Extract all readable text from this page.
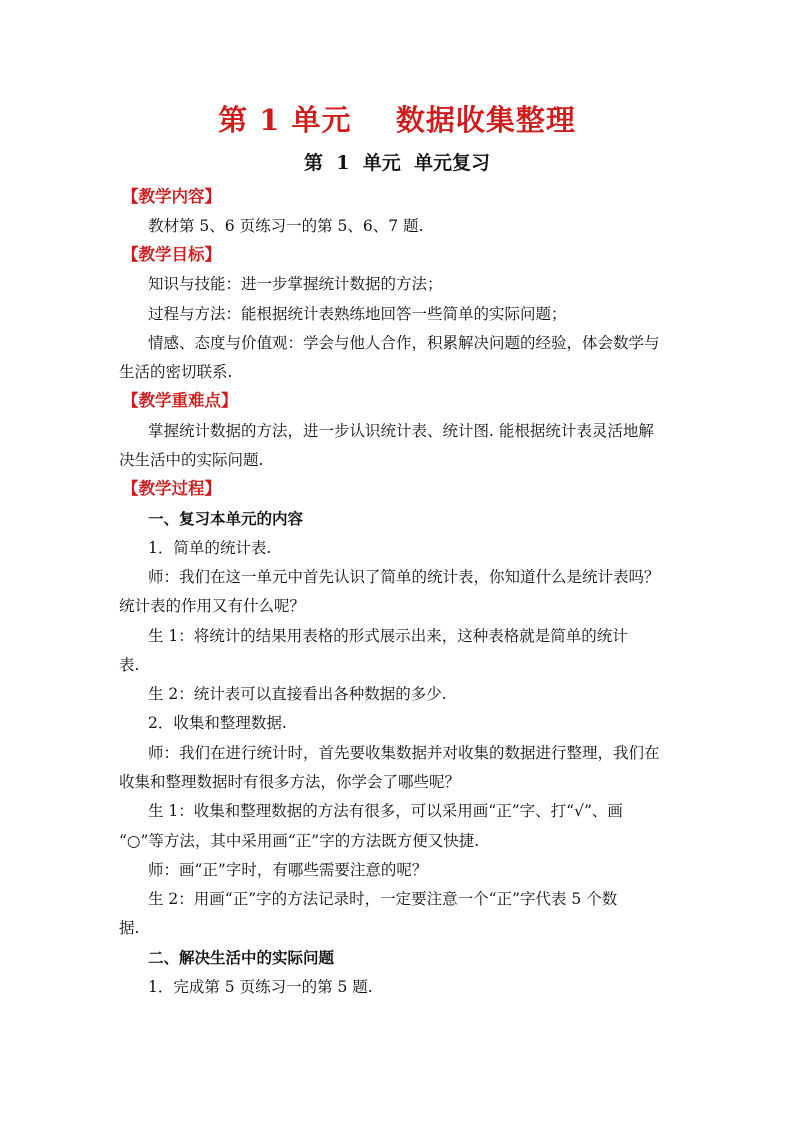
第 1 单元    数据收集整理
第  1  单元  单元复习
【教学内容】
教材第 5、6 页练习一的第 5、6、7 题.
【教学目标】
知识与技能：进一步掌握统计数据的方法；
过程与方法：能根据统计表熟练地回答一些简单的实际问题；
情感、态度与价值观：学会与他人合作，积累解决问题的经验，体会数学与
生活的密切联系.
【教学重难点】
掌握统计数据的方法，进一步认识统计表、统计图. 能根据统计表灵活地解
决生活中的实际问题.
【教学过程】
一、复习本单元的内容
1．简单的统计表.
师：我们在这一单元中首先认识了简单的统计表，你知道什么是统计表吗？
统计表的作用又有什么呢？
生 1：将统计的结果用表格的形式展示出来，这种表格就是简单的统计
表.
生 2：统计表可以直接看出各种数据的多少.
2．收集和整理数据.
师：我们在进行统计时，首先要收集数据并对收集的数据进行整理，我们在
收集和整理数据时有很多方法，你学会了哪些呢？
生 1：收集和整理数据的方法有很多，可以采用画“正”字、打“√”、画
“○”等方法，其中采用画“正”字的方法既方便又快捷.
师：画“正”字时，有哪些需要注意的呢？
生 2：用画“正”字的方法记录时，一定要注意一个“正”字代表 5 个数
据.
二、解决生活中的实际问题
1．完成第 5 页练习一的第 5 题.
